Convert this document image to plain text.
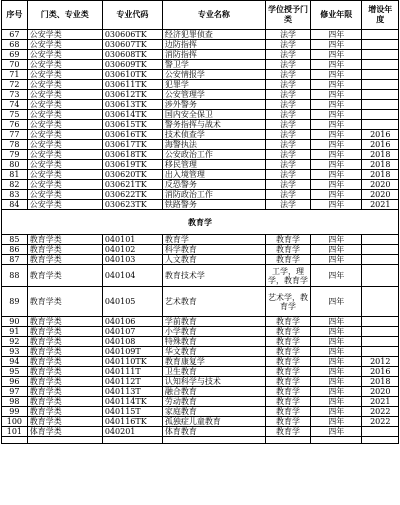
序号	门类、专业类	专业代码	专业名称	学位授予门类	修业年限	增设年度
67	公安学类	030606TK	经济犯罪侦查	法学	四年	
68	公安学类	030607TK	边防指挥	法学	四年	
69	公安学类	030608TK	消防指挥	法学	四年	
70	公安学类	030609TK	警卫学	法学	四年	
71	公安学类	030610TK	公安情报学	法学	四年	
72	公安学类	030611TK	犯罪学	法学	四年	
73	公安学类	030612TK	公安管理学	法学	四年	
74	公安学类	030613TK	涉外警务	法学	四年	
75	公安学类	030614TK	国内安全保卫	法学	四年	
76	公安学类	030615TK	警务指挥与战术	法学	四年	
77	公安学类	030616TK	技术侦查学	法学	四年	2016
78	公安学类	030617TK	海警执法	法学	四年	2016
79	公安学类	030618TK	公安政治工作	法学	四年	2018
80	公安学类	030619TK	移民管理	法学	四年	2018
81	公安学类	030620TK	出入境管理	法学	四年	2018
82	公安学类	030621TK	反恐警务	法学	四年	2020
83	公安学类	030622TK	消防政治工作	法学	四年	2020
84	公安学类	030623TK	铁路警务	法学	四年	2021
教育学						
85	教育学类	040101	教育学	教育学	四年	
86	教育学类	040102	科学教育	教育学	四年	
87	教育学类	040103	人文教育	教育学	四年	
88	教育学类	040104	教育技术学	工学，理学，教育学	四年	
89	教育学类	040105	艺术教育	艺术学，教育学	四年	
90	教育学类	040106	学前教育	教育学	四年	
91	教育学类	040107	小学教育	教育学	四年	
92	教育学类	040108	特殊教育	教育学	四年	
93	教育学类	040109T	华文教育	教育学	四年	
94	教育学类	040110TK	教育康复学	教育学	四年	2012
95	教育学类	040111T	卫生教育	教育学	四年	2016
96	教育学类	040112T	认知科学与技术	教育学	四年	2018
97	教育学类	040113T	融合教育	教育学	四年	2020
98	教育学类	040114TK	劳动教育	教育学	四年	2021
99	教育学类	040115T	家庭教育	教育学	四年	2022
100	教育学类	040116TK	孤独症儿童教育	教育学	四年	2022
101	体育学类	040201	体育教育	教育学	四年	
